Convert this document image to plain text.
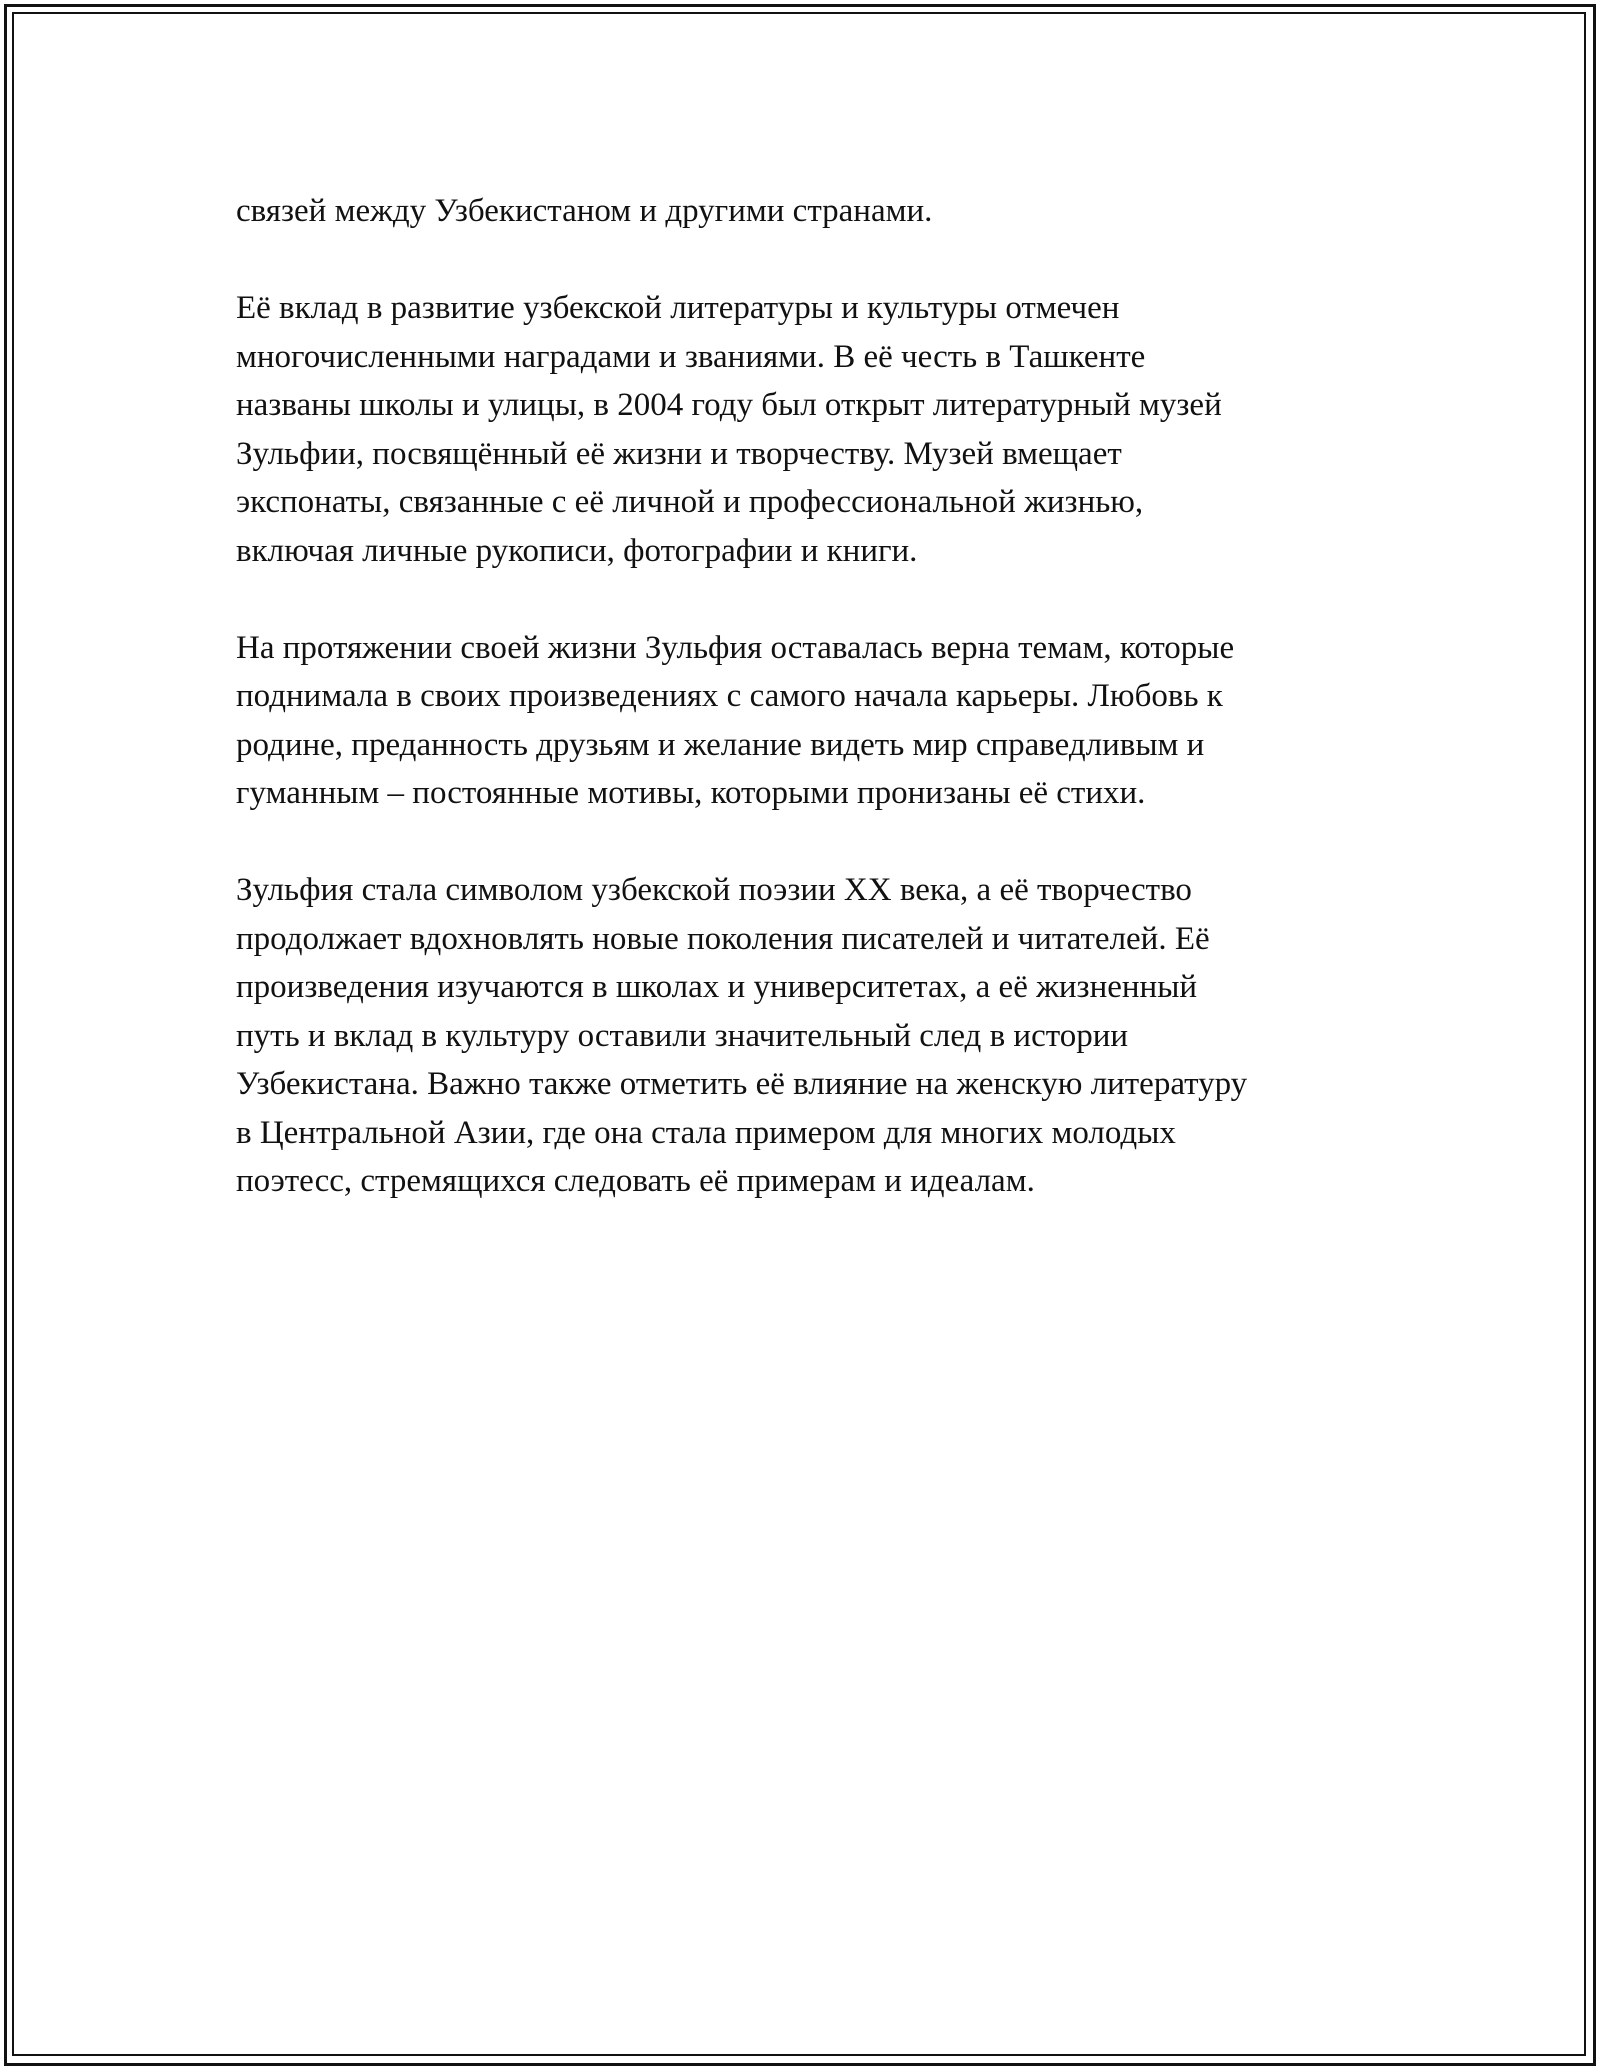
связей между Узбекистаном и другими странами.

Её вклад в развитие узбекской литературы и культуры отмечен
многочисленными наградами и званиями. В её честь в Ташкенте
названы школы и улицы, в 2004 году был открыт литературный музей
Зульфии, посвящённый её жизни и творчеству. Музей вмещает
экспонаты, связанные с её личной и профессиональной жизнью,
включая личные рукописи, фотографии и книги.

На протяжении своей жизни Зульфия оставалась верна темам, которые
поднимала в своих произведениях с самого начала карьеры. Любовь к
родине, преданность друзьям и желание видеть мир справедливым и
гуманным – постоянные мотивы, которыми пронизаны её стихи.

Зульфия стала символом узбекской поэзии XX века, а её творчество
продолжает вдохновлять новые поколения писателей и читателей. Её
произведения изучаются в школах и университетах, а её жизненный
путь и вклад в культуру оставили значительный след в истории
Узбекистана. Важно также отметить её влияние на женскую литературу
в Центральной Азии, где она стала примером для многих молодых
поэтесс, стремящихся следовать её примерам и идеалам.
